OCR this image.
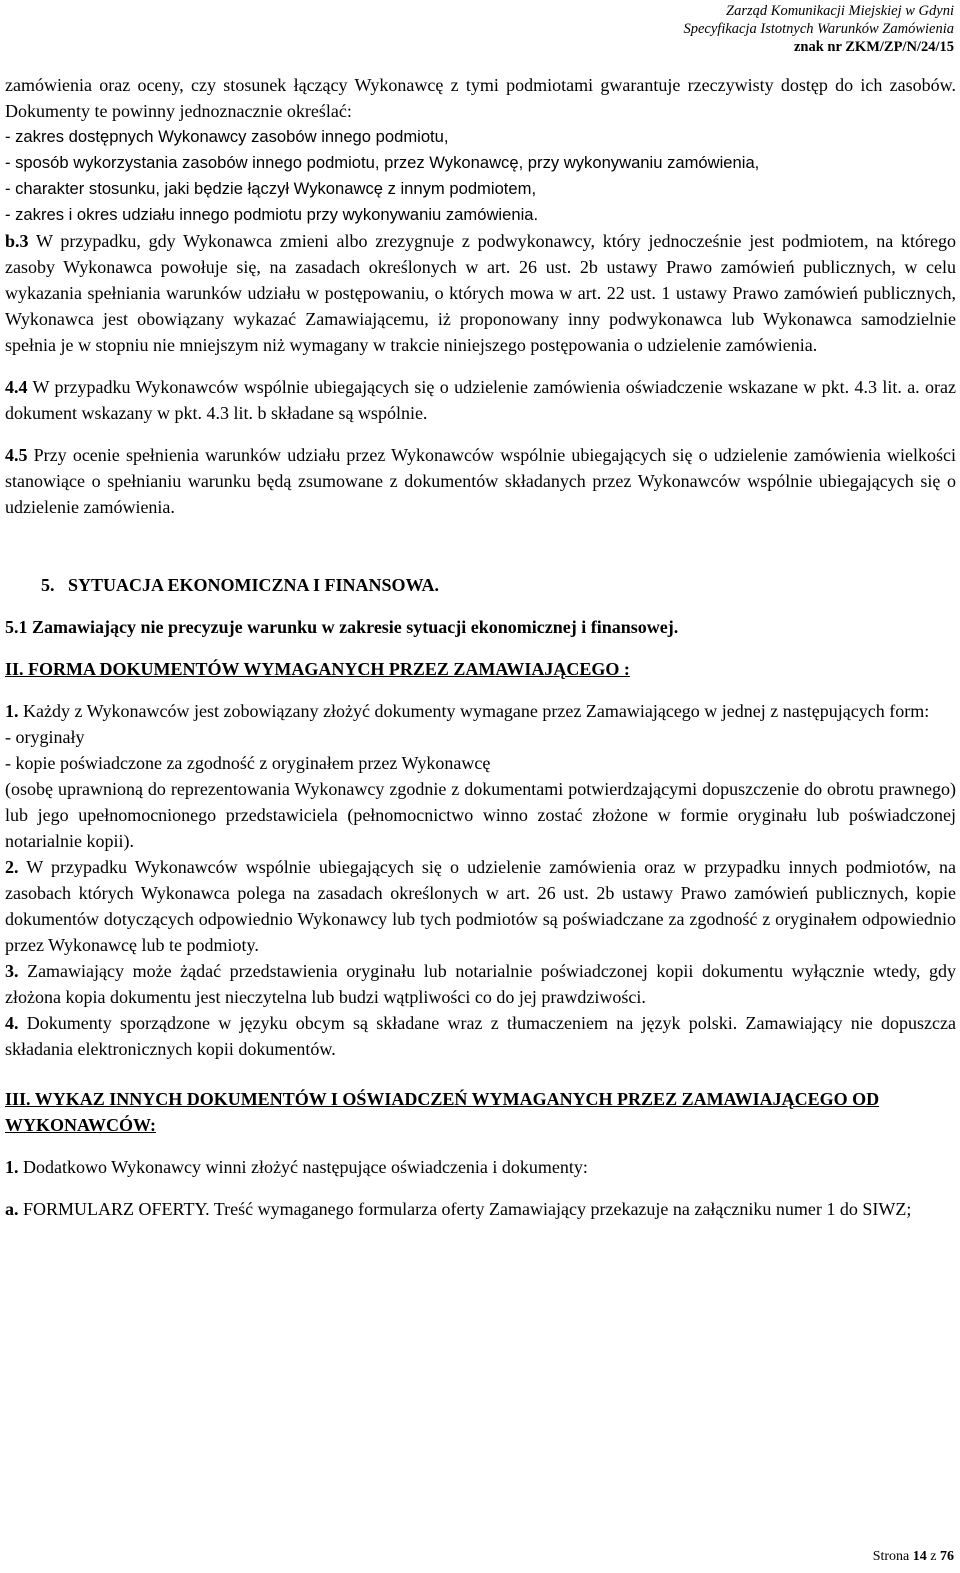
Zarząd Komunikacji Miejskiej w Gdyni
Specyfikacja Istotnych Warunków Zamówienia
znak nr ZKM/ZP/N/24/15

zamówienia oraz oceny, czy stosunek łączący Wykonawcę z tymi podmiotami gwarantuje rzeczywisty dostęp do ich zasobów. Dokumenty te powinny jednoznacznie określać:

- zakres dostępnych Wykonawcy zasobów innego podmiotu,

- sposób wykorzystania zasobów innego podmiotu, przez Wykonawcę, przy wykonywaniu zamówienia,

- charakter stosunku, jaki będzie łączył Wykonawcę z innym podmiotem,

- zakres i okres udziału innego podmiotu przy wykonywaniu zamówienia.

b.3 W przypadku, gdy Wykonawca zmieni albo zrezygnuje z podwykonawcy, który jednocześnie jest podmiotem, na którego zasoby Wykonawca powołuje się, na zasadach określonych w art. 26 ust. 2b ustawy Prawo zamówień publicznych, w celu wykazania spełniania warunków udziału w postępowaniu, o których mowa w art. 22 ust. 1 ustawy Prawo zamówień publicznych, Wykonawca jest obowiązany wykazać Zamawiającemu, iż proponowany inny podwykonawca lub Wykonawca samodzielnie spełnia je w stopniu nie mniejszym niż wymagany w trakcie niniejszego postępowania o udzielenie zamówienia.

4.4 W przypadku Wykonawców wspólnie ubiegających się o udzielenie zamówienia oświadczenie wskazane w pkt. 4.3 lit. a. oraz dokument wskazany w pkt. 4.3 lit. b składane są wspólnie.

4.5 Przy ocenie spełnienia warunków udziału przez Wykonawców wspólnie ubiegających się o udzielenie zamówienia wielkości stanowiące o spełnianiu warunku będą zsumowane z dokumentów składanych przez Wykonawców wspólnie ubiegających się o udzielenie zamówienia.

5.   SYTUACJA EKONOMICZNA I FINANSOWA.

5.1 Zamawiający nie precyzuje warunku w zakresie sytuacji ekonomicznej i finansowej.

II. FORMA DOKUMENTÓW WYMAGANYCH PRZEZ ZAMAWIAJĄCEGO :

1. Każdy z Wykonawców jest zobowiązany złożyć dokumenty wymagane przez Zamawiającego w jednej z następujących form:

- oryginały

- kopie poświadczone za zgodność z oryginałem przez Wykonawcę

(osobę uprawnioną do reprezentowania Wykonawcy zgodnie z dokumentami potwierdzającymi dopuszczenie do obrotu prawnego) lub jego upełnomocnionego przedstawiciela (pełnomocnictwo winno zostać złożone w formie oryginału lub poświadczonej notarialnie kopii).

2. W przypadku Wykonawców wspólnie ubiegających się o udzielenie zamówienia oraz w przypadku innych podmiotów, na zasobach których Wykonawca polega na zasadach określonych w art. 26 ust. 2b ustawy Prawo zamówień publicznych, kopie dokumentów dotyczących odpowiednio Wykonawcy lub tych podmiotów są poświadczane za zgodność z oryginałem odpowiednio przez Wykonawcę lub te podmioty.

3. Zamawiający może żądać przedstawienia oryginału lub notarialnie poświadczonej kopii dokumentu wyłącznie wtedy, gdy złożona kopia dokumentu jest nieczytelna lub budzi wątpliwości co do jej prawdziwości.

4. Dokumenty sporządzone w języku obcym są składane wraz z tłumaczeniem na język polski. Zamawiający nie dopuszcza składania elektronicznych kopii dokumentów.

III. WYKAZ INNYCH DOKUMENTÓW I OŚWIADCZEŃ WYMAGANYCH PRZEZ ZAMAWIAJĄCEGO OD WYKONAWCÓW:

1. Dodatkowo Wykonawcy winni złożyć następujące oświadczenia i dokumenty:

a. FORMULARZ OFERTY. Treść wymaganego formularza oferty Zamawiający przekazuje na załączniku numer 1 do SIWZ;

Strona 14 z 76
